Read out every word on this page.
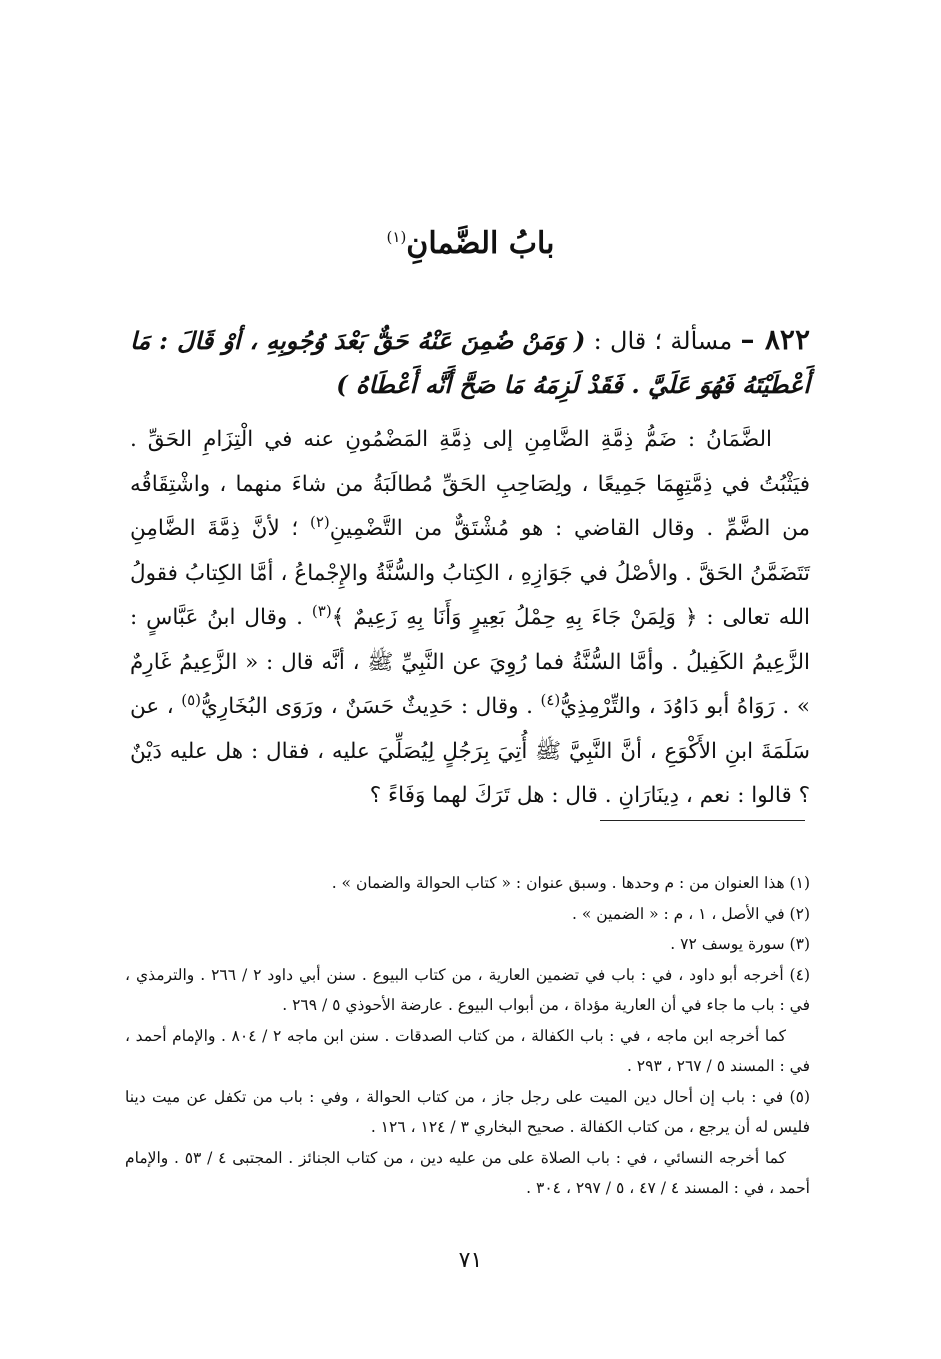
بابُ الضَّمانِ$^{(١)}$
٨٢٢ – مسألة ؛ قال : ( وَمَنْ ضُمِنَ عَنْهُ حَقٌّ بَعْدَ وُجُوبِهِ ، أوْ قَالَ : مَا أَعْطَيْتَهُ فَهُوَ عَلَيَّ . فَقَدْ لَزِمَهُ مَا صَحَّ أَنَّه أَعْطَاهُ )
الضَّمَانُ : ضَمُّ ذِمَّةِ الضَّامِنِ إلى ذِمَّةِ المَضْمُونِ عنه في الْتِزَامِ الحَقِّ . فيَثْبُتُ في ذِمَّتِهِمَا جَمِيعًا ، ولِصَاحِبِ الحَقِّ مُطالَبَةُ من شاءَ منهما ، واشْتِقَاقُه من الضَّمِّ . وقال القاضي : هو مُشْتَقٌّ من التَّضْمِينِ$^{(٢)}$ ؛ لأنَّ ذِمَّةَ الضَّامِنِ تَتَضَمَّنُ الحَقَّ . والأصْلُ في جَوَازِهِ ، الكِتابُ والسُّنَّةُ والإِجْماعُ ، أمَّا الكِتابُ فقولُ الله تعالى : ﴿ وَلِمَنْ جَاءَ بِهِ حِمْلُ بَعِيرٍ وَأَنَا بِهِ زَعِيمٌ ﴾$^{(٣)}$ . وقال ابنُ عَبَّاسٍ : الزَّعِيمُ الكَفِيلُ . وأمَّا السُّنَّةُ فما رُوِيَ عن النَّبِيِّ ﷺ ، أنَّه قال : « الزَّعِيمُ غَارِمٌ » . رَوَاهُ أبو دَاوُدَ ، والتِّرْمِذِيُّ$^{(٤)}$ . وقال : حَدِيثٌ حَسَنٌ ، ورَوَى البُخَارِيُّ$^{(٥)}$ ، عن سَلَمَةَ ابنِ الأَكْوَعِ ، أنَّ النَّبِيَّ ﷺ أُتِيَ بِرَجُلٍ لِيُصَلِّيَ عليه ، فقال : هل عليه دَيْنٌ ؟ قالوا : نعم ، دِينَارَانِ . قال : هل تَرَكَ لهما وَفَاءً ؟

(١) هذا العنوان من : م وحدها . وسبق عنوان : « كتاب الحوالة والضمان » .

(٢) في الأصل ، ١ ، م : « الضمين » .

(٣) سورة يوسف ٧٢ .

(٤) أخرجه أبو داود ، في : باب في تضمين العارية ، من كتاب البيوع . سنن أبي داود ٢ / ٢٦٦ . والترمذي ، في : باب ما جاء في أن العارية مؤداة ، من أبواب البيوع . عارضة الأحوذي ٥ / ٢٦٩ .

كما أخرجه ابن ماجه ، في : باب الكفالة ، من كتاب الصدقات . سنن ابن ماجه ٢ / ٨٠٤ . والإمام أحمد ، في : المسند ٥ / ٢٦٧ ، ٢٩٣ .

(٥) في : باب إن أحال دين الميت على رجل جاز ، من كتاب الحوالة ، وفي : باب من تكفل عن ميت دينا فليس له أن يرجع ، من كتاب الكفالة . صحيح البخاري ٣ / ١٢٤ ، ١٢٦ .

كما أخرجه النسائي ، في : باب الصلاة على من عليه دين ، من كتاب الجنائز . المجتبى ٤ / ٥٣ . والإمام أحمد ، في : المسند ٤ / ٤٧ ، ٥ / ٢٩٧ ، ٣٠٤ .

٧١
